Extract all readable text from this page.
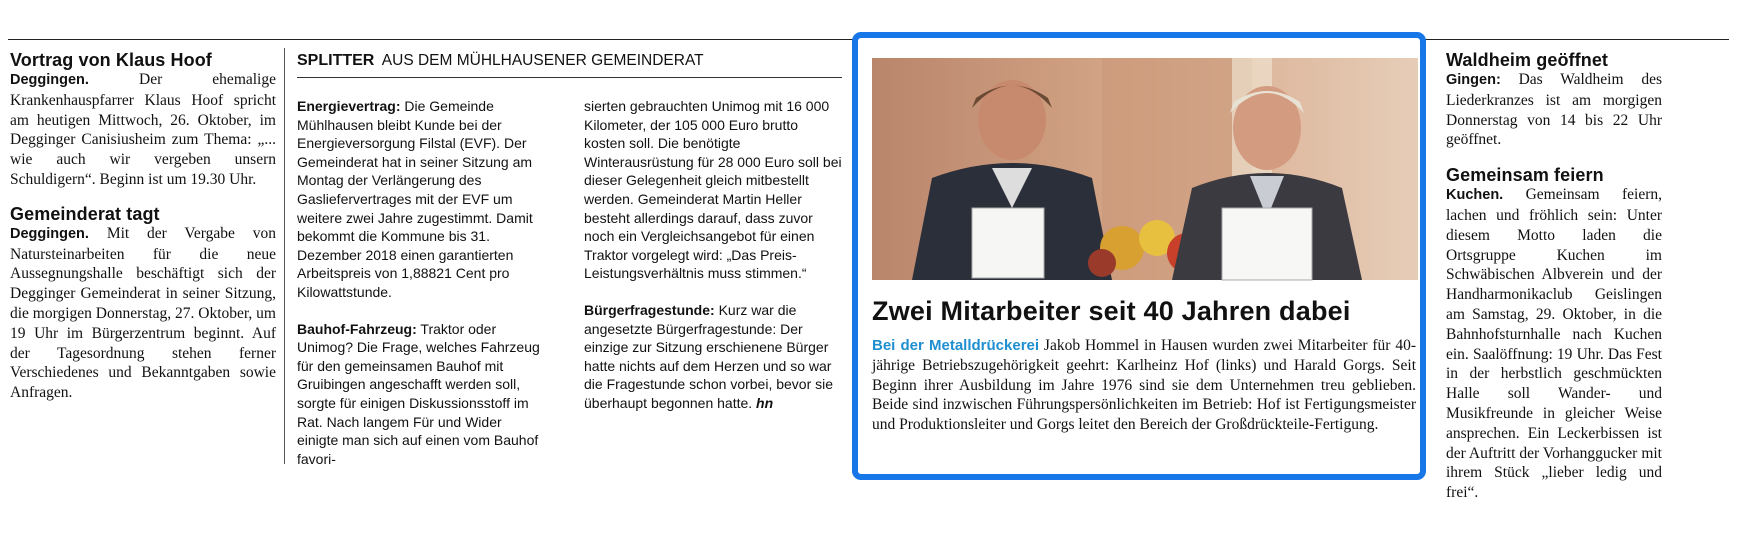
Vortrag von Klaus Hoof

Deggingen.	Der ehemalige Krankenhauspfarrer Klaus Hoof spricht am heutigen Mittwoch, 26. Oktober, im Degginger Canisiusheim zum Thema: „... wie auch wir vergeben unsern Schuldigern“. Beginn ist um 19.30 Uhr.

Gemeinderat tagt

Deggingen. Mit der Vergabe von Natursteinarbeiten für die neue Aussegnungshalle beschäftigt sich der Degginger Gemeinderat in seiner Sitzung, die morgigen Donnerstag, 27. Oktober, um 19 Uhr im Bürgerzentrum beginnt. Auf der Tagesordnung stehen ferner Verschiedenes und Bekanntgaben sowie Anfragen.

SPLITTER AUS DEM MÜHLHAUSENER GEMEINDERAT

Energievertrag: Die Gemeinde Mühlhausen bleibt Kunde bei der Energieversorgung Filstal (EVF). Der Gemeinderat hat in seiner Sitzung am Montag der Verlängerung des Gasliefervertrages mit der EVF um weitere zwei Jahre zugestimmt. Damit bekommt die Kommune bis 31. Dezember 2018 einen garantierten Arbeitspreis von 1,88821 Cent pro Kilowattstunde.

Bauhof-Fahrzeug: Traktor oder Unimog? Die Frage, welches Fahrzeug für den gemeinsamen Bauhof mit Gruibingen angeschafft werden soll, sorgte für einigen Diskussionsstoff im Rat. Nach langem Für und Wider einigte man sich auf einen vom Bauhof favori-

sierten gebrauchten Unimog mit 16 000 Kilometer, der 105 000 Euro brutto kosten soll. Die benötigte Winterausrüstung für 28 000 Euro soll bei dieser Gelegenheit gleich mitbestellt werden. Gemeinderat Martin Heller besteht allerdings darauf, dass zuvor noch ein Vergleichsangebot für einen Traktor vorgelegt wird: „Das Preis-Leistungsverhältnis muss stimmen.“

Bürgerfragestunde: Kurz war die angesetzte Bürgerfragestunde: Der einzige zur Sitzung erschienene Bürger hatte nichts auf dem Herzen und so war die Fragestunde schon vorbei, bevor sie überhaupt begonnen hatte. hn

Zwei Mitarbeiter seit 40 Jahren dabei

Bei der Metalldrückerei Jakob Hommel in Hausen wurden zwei Mitarbeiter für 40-jährige Betriebszugehörigkeit geehrt: Karlheinz Hof (links) und Harald Gorgs. Seit Beginn ihrer Ausbildung im Jahre 1976 sind sie dem Unternehmen treu geblieben. Beide sind inzwischen Führungspersönlichkeiten im Betrieb: Hof ist Fertigungsmeister und Produktionsleiter und Gorgs leitet den Bereich der Großdrückteile-Fertigung.

Waldheim geöffnet

Gingen: Das Waldheim des Liederkranzes ist am morgigen Donnerstag von 14 bis 22 Uhr geöffnet.

Gemeinsam feiern

Kuchen. Gemeinsam feiern, lachen und fröhlich sein: Unter diesem Motto laden die Ortsgruppe Kuchen im Schwäbischen Albverein und der Handharmonikaclub Geislingen am Samstag, 29. Oktober, in die Bahnhofsturnhalle nach Kuchen ein. Saalöffnung: 19 Uhr. Das Fest in der herbstlich geschmückten Halle soll Wander- und Musikfreunde in gleicher Weise ansprechen. Ein Leckerbissen ist der Auftritt der Vorhanggucker mit ihrem Stück „lieber ledig und frei“.
